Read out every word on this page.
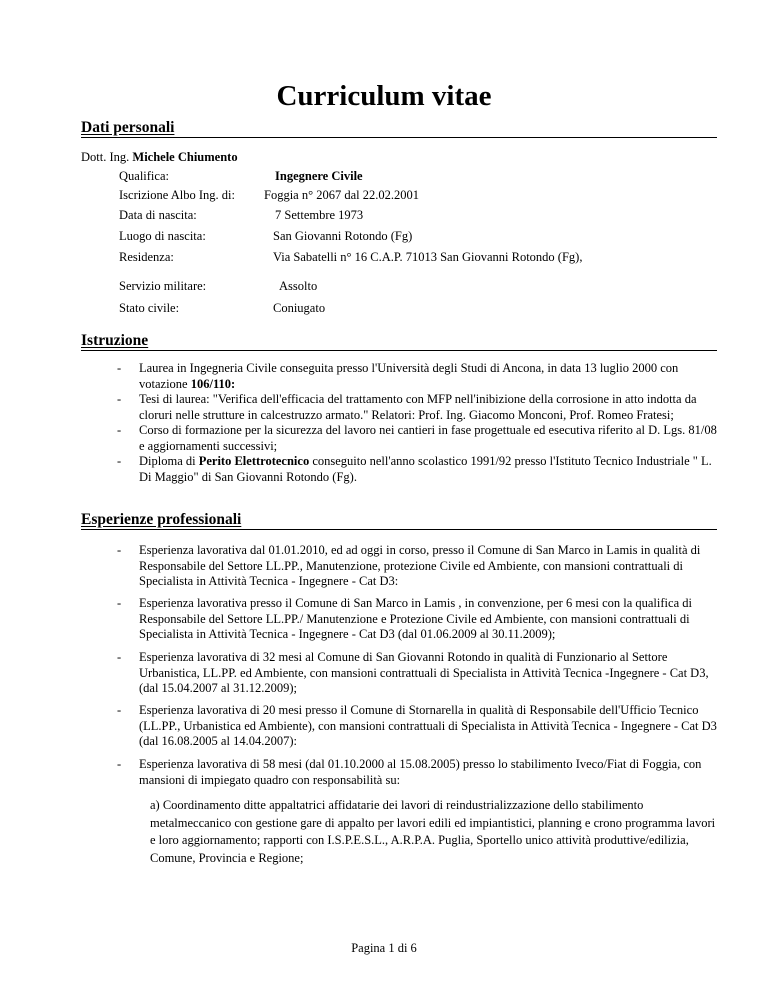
Curriculum vitae
Dati personali
Dott. Ing. Michele Chiumento
Qualifica:	Ingegnere Civile
Iscrizione Albo Ing. di: Foggia n° 2067 dal 22.02.2001
Data di nascita:	7 Settembre 1973
Luogo di nascita:	San Giovanni Rotondo (Fg)
Residenza:	Via Sabatelli n° 16 C.A.P. 71013 San Giovanni Rotondo (Fg),
Servizio militare:	Assolto
Stato civile:	Coniugato
Istruzione
- Laurea in Ingegneria Civile conseguita presso l'Università degli Studi di Ancona, in data 13 luglio 2000 con votazione 106/110:
- Tesi di laurea: "Verifica dell'efficacia del trattamento con MFP nell'inibizione della corrosione in atto indotta da cloruri nelle strutture in calcestruzzo armato." Relatori: Prof. Ing. Giacomo Monconi, Prof. Romeo Fratesi;
- Corso di formazione per la sicurezza del lavoro nei cantieri in fase progettuale ed esecutiva riferito al D. Lgs. 81/08 e aggiornamenti successivi;
- Diploma di Perito Elettrotecnico conseguito nell'anno scolastico 1991/92 presso l'Istituto Tecnico Industriale " L. Di Maggio" di San Giovanni Rotondo (Fg).
Esperienze professionali
- Esperienza lavorativa dal 01.01.2010, ed ad oggi in corso, presso il Comune di San Marco in Lamis in qualità di Responsabile del Settore LL.PP., Manutenzione, protezione Civile ed Ambiente, con mansioni contrattuali di Specialista in Attività Tecnica - Ingegnere - Cat D3:
- Esperienza lavorativa presso il Comune di San Marco in Lamis , in convenzione, per 6 mesi con la qualifica di Responsabile del Settore LL.PP./ Manutenzione e Protezione Civile ed Ambiente, con mansioni contrattuali di Specialista in Attività Tecnica - Ingegnere - Cat D3 (dal 01.06.2009 al 30.11.2009);
- Esperienza lavorativa di 32 mesi al Comune di San Giovanni Rotondo in qualità di Funzionario al Settore Urbanistica, LL.PP. ed Ambiente, con mansioni contrattuali di Specialista in Attività Tecnica -Ingegnere - Cat D3, (dal 15.04.2007 al 31.12.2009);
- Esperienza lavorativa di 20 mesi presso il Comune di Stornarella in qualità di Responsabile dell'Ufficio Tecnico (LL.PP., Urbanistica ed Ambiente), con mansioni contrattuali di Specialista in Attività Tecnica - Ingegnere - Cat D3 (dal 16.08.2005 al 14.04.2007):
- Esperienza lavorativa di 58 mesi (dal 01.10.2000 al 15.08.2005) presso lo stabilimento Iveco/Fiat di Foggia, con mansioni di impiegato quadro con responsabilità su:
a) Coordinamento ditte appaltatrici affidatarie dei lavori di reindustrializzazione dello stabilimento metalmeccanico con gestione gare di appalto per lavori edili ed impiantistici, planning e crono programma lavori e loro aggiornamento; rapporti con I.S.P.E.S.L., A.R.P.A. Puglia, Sportello unico attività produttive/edilizia, Comune, Provincia e Regione;
Pagina 1 di 6
